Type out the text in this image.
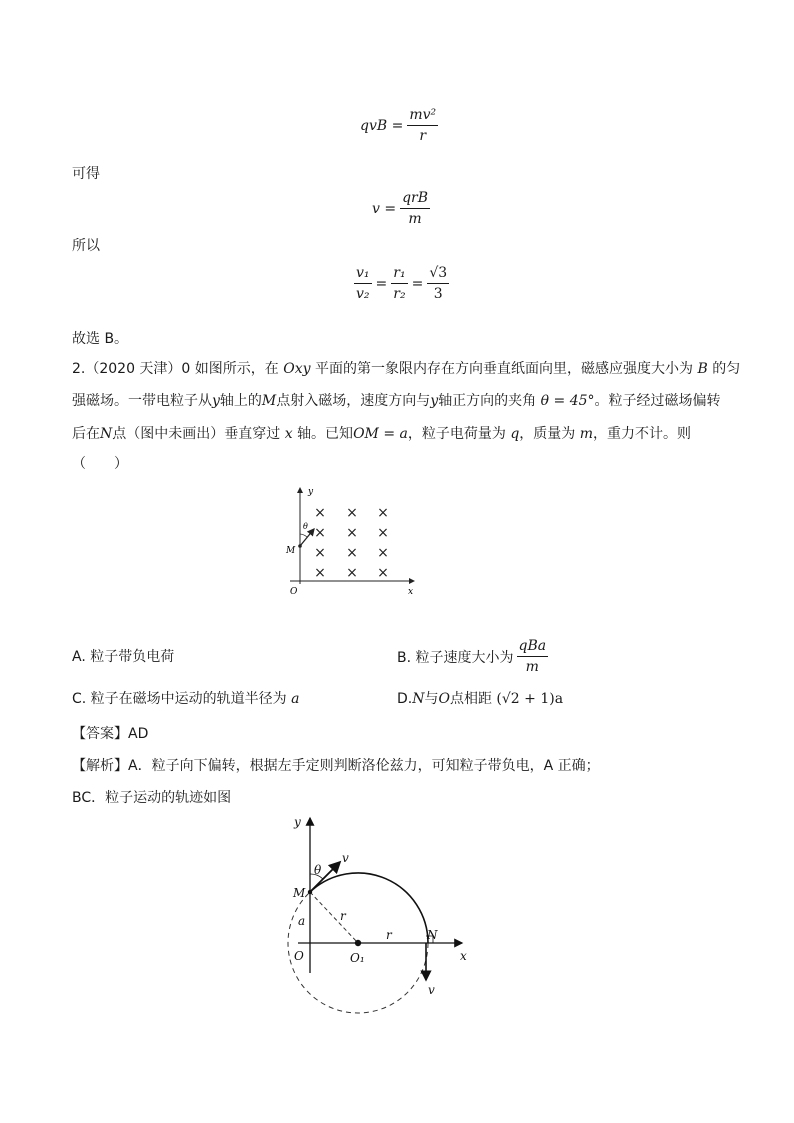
qvB = $\frac{\text{mv²}}{r}$
可得
$v = \frac{\text{qrB}}{m}$
所以
$\frac{\text{v₁}}{\text{v₂}} = \frac{\text{r₁}}{\text{r₂}} = \frac{√3}{3}$
故选 B。
2.（2020 天津）0 如图所示，在 Oxy 平面的第一象限内存在方向垂直纸面向里，磁感应强度大小为 B 的匀
强磁场。一带电粒子从y轴上的M点射入磁场，速度方向与y轴正方向的夹角 θ = 45°。粒子经过磁场偏转
后在N点（图中未画出）垂直穿过 x 轴。已知OM = a，粒子电荷量为 q，质量为 m，重力不计。则
（　　）
y
x
O
M
θ
× × ×
× × ×
× × ×
× × ×
A. 粒子带负电荷	B. 粒子速度大小为 $\frac{\text{qBa}}{m}$
C. 粒子在磁场中运动的轨道半径为 a	D.N与O点相距 (√2 + 1)a
【答案】AD
【解析】A．粒子向下偏转，根据左手定则判断洛伦兹力，可知粒子带负电，A 正确；
BC．粒子运动的轨迹如图
y
x
O	O₁
M
N
a	r
r
v
v
θ
